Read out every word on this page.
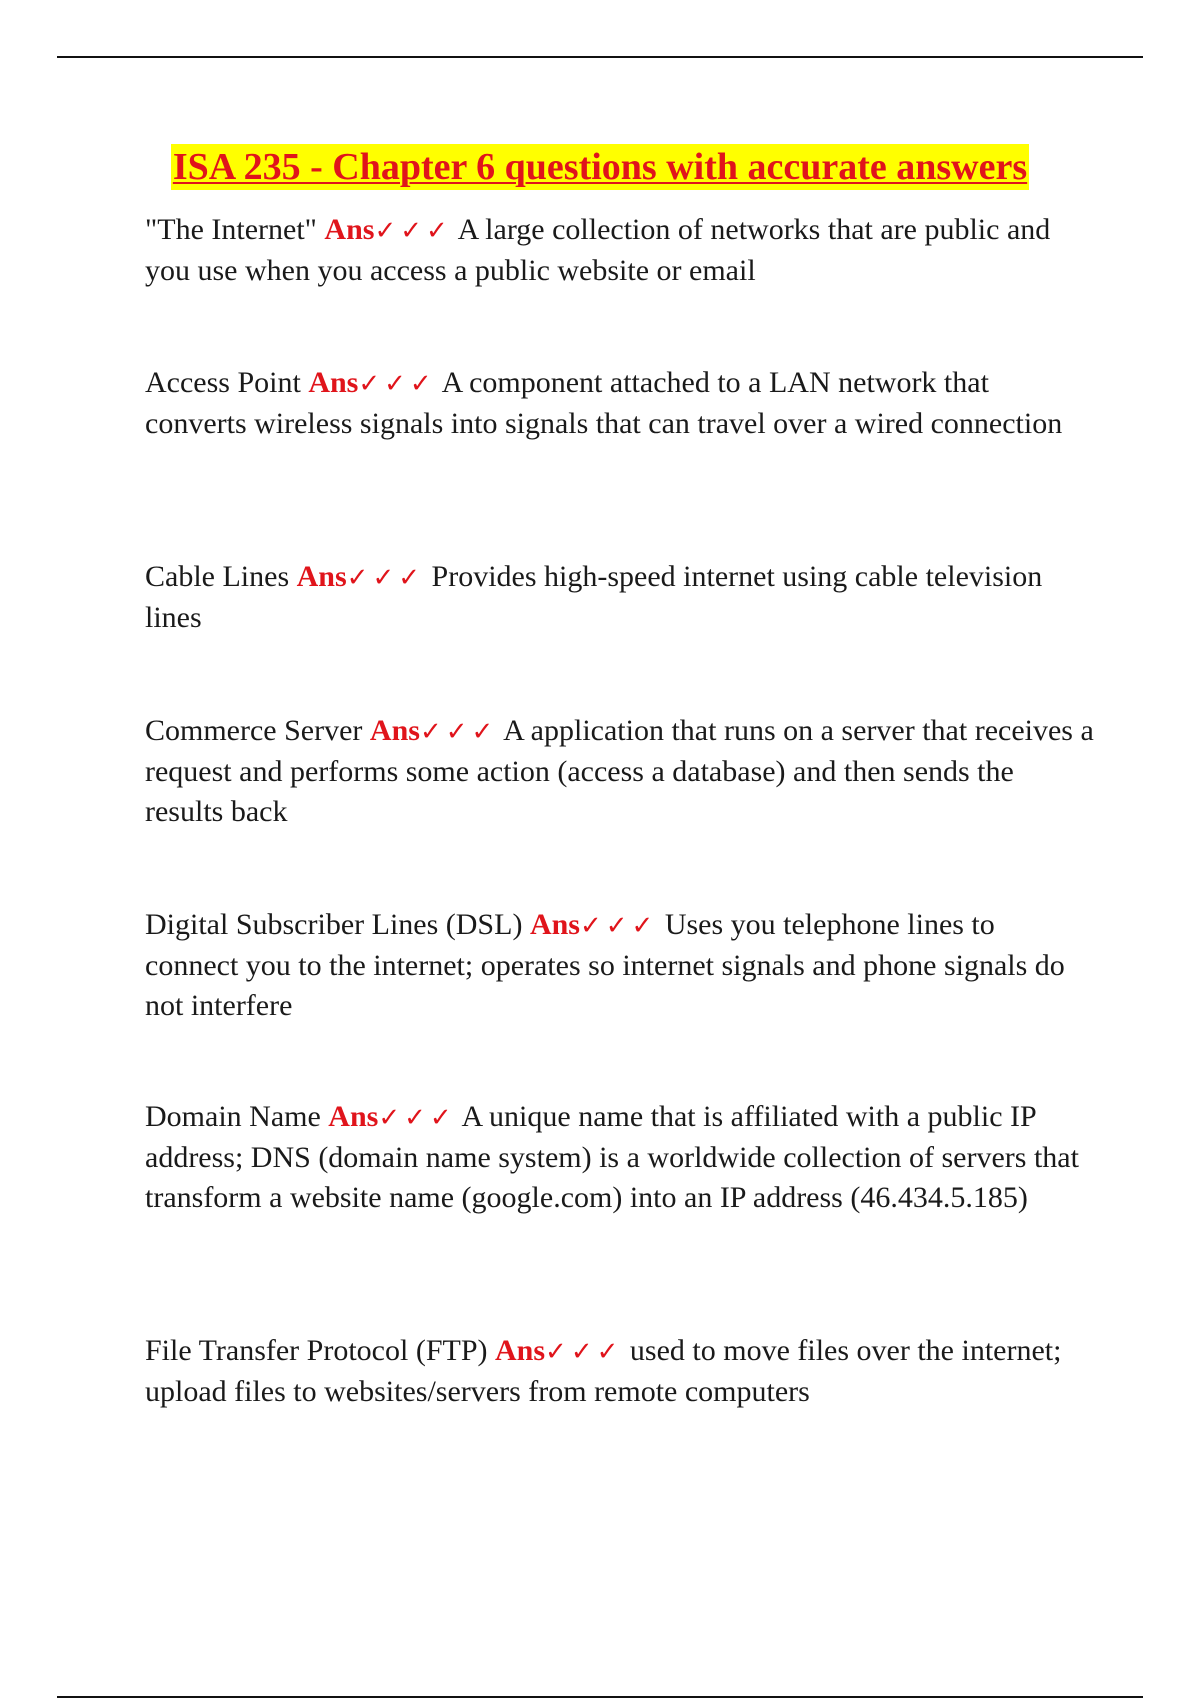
ISA 235 - Chapter 6 questions with accurate answers
"The Internet" Ans✓✓✓ A large collection of networks that are public and you use when you access a public website or email
Access Point Ans✓✓✓ A component attached to a LAN network that converts wireless signals into signals that can travel over a wired connection
Cable Lines Ans✓✓✓ Provides high-speed internet using cable television lines
Commerce Server Ans✓✓✓ A application that runs on a server that receives a request and performs some action (access a database) and then sends the results back
Digital Subscriber Lines (DSL) Ans✓✓✓ Uses you telephone lines to connect you to the internet; operates so internet signals and phone signals do not interfere
Domain Name Ans✓✓✓ A unique name that is affiliated with a public IP address; DNS (domain name system) is a worldwide collection of servers that transform a website name (google.com) into an IP address (46.434.5.185)
File Transfer Protocol (FTP) Ans✓✓✓ used to move files over the internet; upload files to websites/servers from remote computers
